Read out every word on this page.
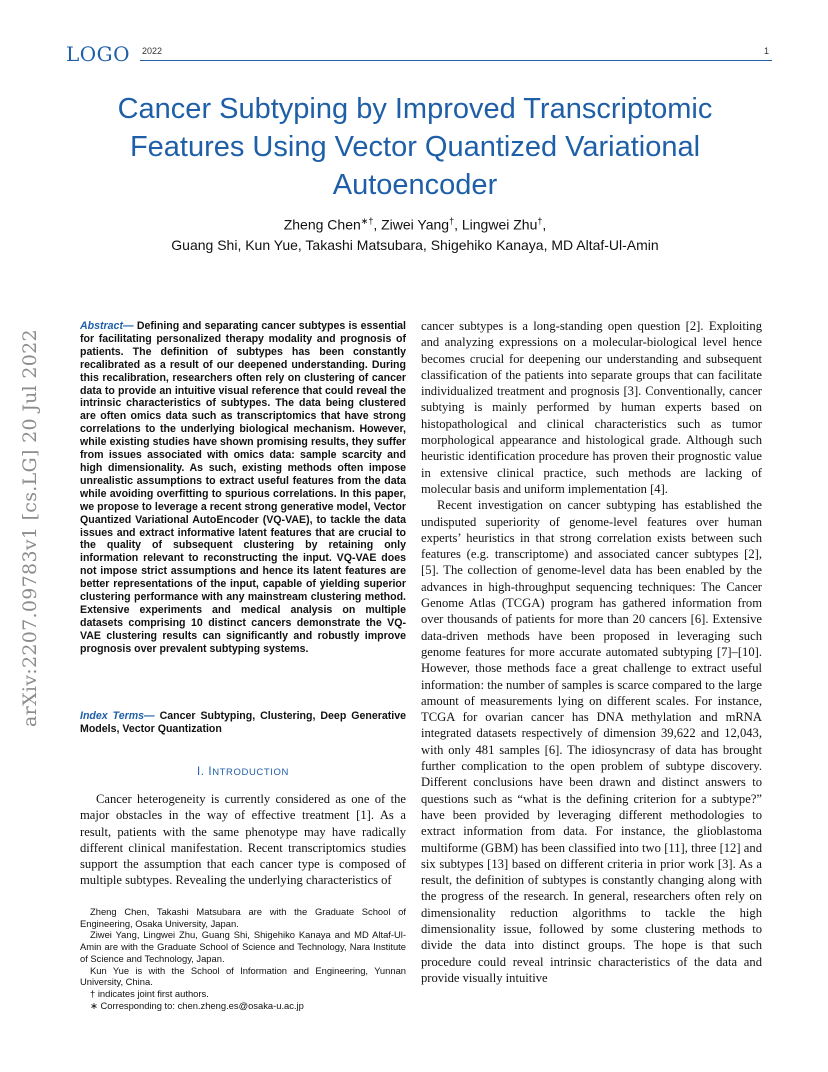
LOGO 2022	1
Cancer Subtyping by Improved Transcriptomic Features Using Vector Quantized Variational Autoencoder
Zheng Chen∗†, Ziwei Yang†, Lingwei Zhu†,
Guang Shi, Kun Yue, Takashi Matsubara, Shigehiko Kanaya, MD Altaf-Ul-Amin
arXiv:2207.09783v1 [cs.LG] 20 Jul 2022
Abstract— Defining and separating cancer subtypes is essential for facilitating personalized therapy modality and prognosis of patients. The definition of subtypes has been constantly recalibrated as a result of our deepened understanding. During this recalibration, researchers often rely on clustering of cancer data to provide an intuitive visual reference that could reveal the intrinsic characteristics of subtypes. The data being clustered are often omics data such as transcriptomics that have strong correlations to the underlying biological mechanism. However, while existing studies have shown promising results, they suffer from issues associated with omics data: sample scarcity and high dimensionality. As such, existing methods often impose unrealistic assumptions to extract useful features from the data while avoiding overfitting to spurious correlations. In this paper, we propose to leverage a recent strong generative model, Vector Quantized Variational AutoEncoder (VQ-VAE), to tackle the data issues and extract informative latent features that are crucial to the quality of subsequent clustering by retaining only information relevant to reconstructing the input. VQ-VAE does not impose strict assumptions and hence its latent features are better representations of the input, capable of yielding superior clustering performance with any mainstream clustering method. Extensive experiments and medical analysis on multiple datasets comprising 10 distinct cancers demonstrate the VQ-VAE clustering results can significantly and robustly improve prognosis over prevalent subtyping systems.
Index Terms— Cancer Subtyping, Clustering, Deep Generative Models, Vector Quantization
I. INTRODUCTION

Cancer heterogeneity is currently considered as one of the major obstacles in the way of effective treatment [1]. As a result, patients with the same phenotype may have radically different clinical manifestation. Recent transcriptomics studies support the assumption that each cancer type is composed of multiple subtypes. Revealing the underlying characteristics of

Zheng Chen, Takashi Matsubara are with the Graduate School of Engineering, Osaka University, Japan.

Ziwei Yang, Lingwei Zhu, Guang Shi, Shigehiko Kanaya and MD Altaf-Ul-Amin are with the Graduate School of Science and Technology, Nara Institute of Science and Technology, Japan.

Kun Yue is with the School of Information and Engineering, Yunnan University, China.

† indicates joint first authors.

∗ Corresponding to: chen.zheng.es@osaka-u.ac.jp

cancer subtypes is a long-standing open question [2]. Exploiting and analyzing expressions on a molecular-biological level hence becomes crucial for deepening our understanding and subsequent classification of the patients into separate groups that can facilitate individualized treatment and prognosis [3]. Conventionally, cancer subtying is mainly performed by human experts based on histopathological and clinical characteristics such as tumor morphological appearance and histological grade. Although such heuristic identification procedure has proven their prognostic value in extensive clinical practice, such methods are lacking of molecular basis and uniform implementation [4].

Recent investigation on cancer subtyping has established the undisputed superiority of genome-level features over human experts’ heuristics in that strong correlation exists between such features (e.g. transcriptome) and associated cancer subtypes [2], [5]. The collection of genome-level data has been enabled by the advances in high-throughput sequencing techniques: The Cancer Genome Atlas (TCGA) program has gathered information from over thousands of patients for more than 20 cancers [6]. Extensive data-driven methods have been proposed in leveraging such genome features for more accurate automated subtyping [7]–[10]. However, those methods face a great challenge to extract useful information: the number of samples is scarce compared to the large amount of measurements lying on different scales. For instance, TCGA for ovarian cancer has DNA methylation and mRNA integrated datasets respectively of dimension 39,622 and 12,043, with only 481 samples [6]. The idiosyncrasy of data has brought further complication to the open problem of subtype discovery. Different conclusions have been drawn and distinct answers to questions such as “what is the defining criterion for a subtype?” have been provided by leveraging different methodologies to extract information from data. For instance, the glioblastoma multiforme (GBM) has been classified into two [11], three [12] and six subtypes [13] based on different criteria in prior work [3]. As a result, the definition of subtypes is constantly changing along with the progress of the research. In general, researchers often rely on dimensionality reduction algorithms to tackle the high dimensionality issue, followed by some clustering methods to divide the data into distinct groups. The hope is that such procedure could reveal intrinsic characteristics of the data and provide visually intuitive
